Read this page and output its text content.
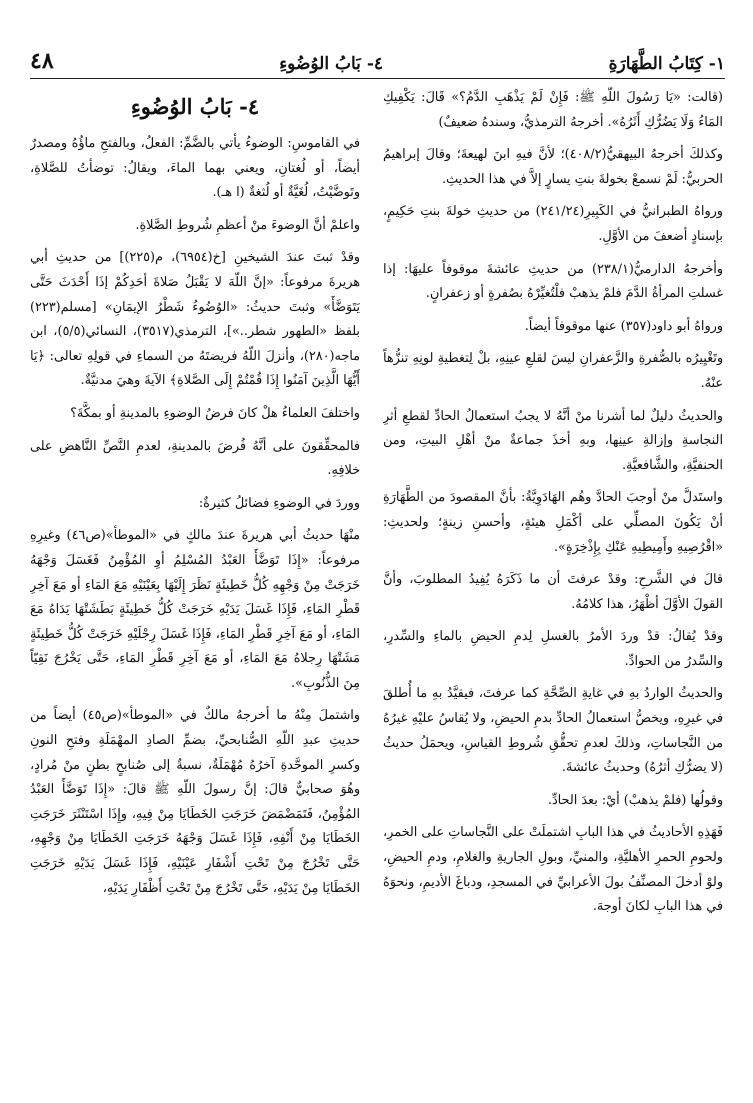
١- كِتَابُ الطَّهَارَةِ
٤- بَابُ الوُضُوءِ
٤٨

(قالت: «يَا رَسُولَ اللّهِ ﷺ: فَإِنْ لَمْ يَذْهَبِ الدَّمُ؟» قَالَ: يَكْفِيكِ المَاءُ وَلَا يَضُرُّكِ أَثَرُهُ». أخرجهُ الترمذيُّ، وسندهُ ضعيفٌ)

وكذلكَ أخرجهُ البيهقيُّ(٤٠٨/٢)؛ لأنَّ فيهِ ابنَ لهيعةَ؛ وقالَ إبراهيمُ الحربيُّ: لَمْ نسمعْ بخولةَ بنتِ يسارٍ إلاَّ في هذا الحديثِ.

ورواهُ الطبرانيُّ في الكَبِيرِ(٢٤١/٢٤) من حديثِ خولةَ بنتِ حَكِيمٍ، بإسنادٍ أضعفَ من الأوَّلِ.

وأخرجهُ الدارميُّ(٢٣٨/١) من حديثِ عائشةَ موقوفاً عليهَا: إذا غسلتِ المرأةُ الدَّمَ فلمْ يذهبْ فلْتُغيِّرْهُ بصُفرةٍ أو زعفرانٍ.

ورواهُ أبو داود(٣٥٧) عنها موقوفاً أيضاً.

وتَغْيِيرُه بالصُّفرةِ والزَّعفرانِ ليسَ لقلعِ عينِهِ، بلْ لِتغطيةِ لونِهِ تنزُّهاً عنْهُ.

والحديثُ دليلٌ لما أشرنا منْ أنَّهُ لا يجبُ استعمالُ الحادِّ لقطعِ أثرِ النجاسةِ وإزالةِ عينِها، وبهِ أخذَ جماعةٌ منْ أهْلِ البيتِ، ومن الحنفيَّةِ، والشَّافعيَّةِ.

واستَدلَّ منْ أوجبَ الحادَّ وهُم الهَادَوِيَّةُ: بأنَّ المقصودَ من الطَّهَارَةِ أنْ يَكُونَ المصلِّي على أكْمَلِ هيئةٍ، وأحسنِ زينةٍ؛ ولحديثِ: «اقْرُصِيهِ وأَمِيطِيهِ عَنْكِ بِإِذْخِرَةٍ».

قالَ في الشَّرحِ: وقدْ عرفتَ أن ما ذَكَرَهُ يُفِيدُ المطلوبَ، وأنَّ القولَ الأوَّلَ أظْهَرُ، هذا كلامُهُ.

وقدْ يُقالُ: قدْ وردَ الأمرُ بالغسلِ لِدمِ الحيضِ بالماءِ والسِّدرِ، والسِّدرُ من الحوادِّ.

والحديثُ الواردُ بهِ في غايةِ الصِّحَّةِ كما عرفتَ، فيقيَّدُ بهِ ما أُطلقَ في غيرِهِ، ويخصُّ استعمالُ الحادِّ بدمِ الحيضِ، ولا يُقاسُ عليْهِ غيرُهُ من النَّجاساتِ، وذلكَ لعدمِ تحقُّقِ شُروطِ القياسِ، ويحمَلُ حديثُ (لا يضرُّكِ أثرُهُ) وحديثُ عائشةَ.

وقولُها (فلمْ يذهبْ) أيْ: بعدَ الحادِّ.

فَهَذِهِ الأحاديثُ في هذا البابِ اشتملَتْ على النَّجاساتِ على الخمرِ، ولحومِ الحمرِ الأهليَّةِ، والمنيِّ، وبولِ الجاريةِ والغلامِ، ودمِ الحيضِ، ولوْ أدخلَ المصنِّفُ بولَ الأعرابيِّ في المسجدِ، ودباغَ الأديمِ، ونحوَهُ في هذا البابِ لكانَ أوجهَ.

٤- بَابُ الوُضُوءِ

في القاموسِ: الوضوءُ يأتي بالضَّمِّ: الفعلُ، وبالفتحِ ماؤُهُ ومصدرٌ أيضاً، أو لُغتانِ، ويعني بهما الماءَ، ويقالُ: توضأتُ للصَّلاةِ، وتَوضَّيْتُ، لُغَيَّةٌ أو لُثغةٌ (ا هـ).

واعلمْ أنَّ الوضوءَ منْ أعظمِ شُروطِ الصَّلاةِ.

وقدْ ثبتَ عندَ الشيخينِ [خ(٦٩٥٤)، م(٢٢٥)] من حديثِ أبي هريرةَ مرفوعاً: «إنَّ اللّهَ لا يَقْبَلُ صَلاةَ أحَدِكُمْ إذَا أَحْدَثَ حَتَّى يَتَوَضَّأَ» وثبتَ حديثُ: «الوُضُوءُ شَطْرُ الإيمَانِ» [مسلم(٢٢٣) بلفظ «الطهور شطر..»]، الترمذي(٣٥١٧)، النسائي(٥/٥)، ابن ماجه(٢٨٠)، وأنزلَ اللّهُ فريضتَهُ من السماءِ في قولِهِ تعالى: ﴿يَا أَيُّهَا الَّذِينَ آمَنُوا إِذَا قُمْتُمْ إِلَى الصَّلاةِ﴾ الآيةَ وهيَ مدنيَّةٌ.

واختلفَ العلماءُ هلْ كانَ فرضُ الوضوءِ بالمدينةِ أو بمكَّةَ؟

فالمحقِّقونَ على أنَّهُ فُرضَ بالمدينةِ، لعدمِ النَّصِّ النَّاهضِ على خلافِهِ.

ووردَ في الوضوءِ فضائلُ كثيرةٌ:

منْهَا حديثُ أبي هريرةَ عندَ مالكٍ في «الموطأ»(ص٤٦) وغيرِهِ مرفوعاً: «إِذَا تَوَضَّأَ العَبْدُ المُسْلِمُ أوِ المُؤْمِنُ فَغَسَلَ وَجْهَهُ خَرَجَتْ مِنْ وَجْهِهِ كُلُّ خَطِيئَةٍ نَظَرَ إِلَيْهَا بِعَيْنَيْهِ مَعَ المَاءِ أو مَعَ آخِرِ قَطْرِ المَاءِ، فَإِذَا غَسَلَ يَدَيْهِ خَرَجَتْ كُلُّ خَطِيئَةٍ بَطَشَتْهَا يَدَاهُ مَعَ المَاءِ، أو مَعَ آخِرِ قَطْرِ المَاءِ، فَإِذَا غَسَلَ رِجْلَيْهِ خَرَجَتْ كُلُّ خَطِيئَةٍ مَشَتْهَا رِجلاهُ مَعَ المَاءِ، أو مَعَ آخِرِ قَطْرِ المَاءِ، حَتَّى يَخْرُجَ نَقِيّاً مِنَ الذُّنُوبِ».

واشتملَ مِنْهُ ما أخرجهُ مالكٌ في «الموطأ»(ص٤٥) أيضاً من حديثِ عبدِ اللّهِ الصُّنابحيِّ، بضمِّ الصادِ المهْمَلَةِ وفتحِ النونِ وكسرِ الموحَّدةِ آخرُهُ مُهْمَلَةٌ، نسبةٌ إلى صُنابحٍ بطنٍ منْ مُرادٍ، وهُوَ صحابيٌّ قالَ: إنَّ رسولَ اللّهِ ﷺ قالَ: «إِذَا تَوَضَّأَ العَبْدُ المُؤْمِنُ، فَتَمَضْمَضَ خَرَجَتِ الخَطَايَا مِنْ فِيهِ، وإِذَا اسْتَنْثَرَ خَرَجَتِ الخَطَايَا مِنْ أَنْفِهِ، فَإِذَا غَسَلَ وَجْهَهُ خَرَجَتِ الخَطَايَا مِنْ وَجْهِهِ، حَتَّى تَخْرُجَ مِنْ تَحْتِ أَشْفَارِ عَيْنَيْهِ، فَإِذَا غَسَلَ يَدَيْهِ خَرَجَتِ الخَطَايَا مِنْ يَدَيْهِ، حَتَّى تَخْرُجَ مِنْ تَحْتِ أَظْفَارِ يَدَيْهِ،
